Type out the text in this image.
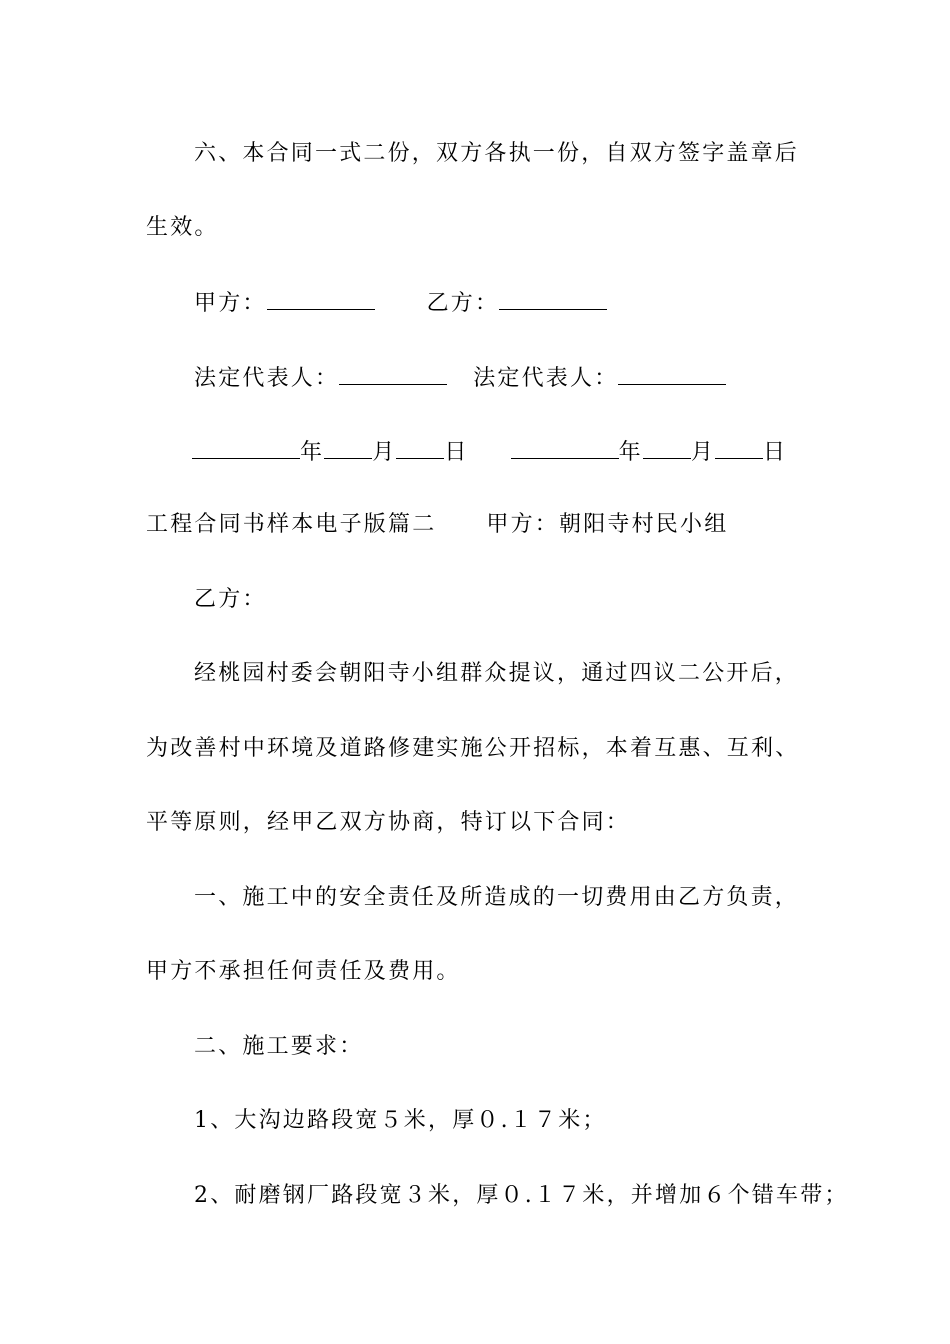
六、本合同一式二份，双方各执一份，自双方签字盖章后
生效。
甲方：	乙方：
法定代表人：	法定代表人：
年 月 日	年 月 日
工程合同书样本电子版篇二 甲方：朝阳寺村民小组
乙方：
经桃园村委会朝阳寺小组群众提议，通过四议二公开后，
为改善村中环境及道路修建实施公开招标，本着互惠、互利、
平等原则，经甲乙双方协商，特订以下合同：
一、施工中的安全责任及所造成的一切费用由乙方负责，
甲方不承担任何责任及费用。
二、施工要求：
1、大沟边路段宽５米，厚０.１７米；
2、耐磨钢厂路段宽３米，厚０.１７米，并增加６个错车带；
